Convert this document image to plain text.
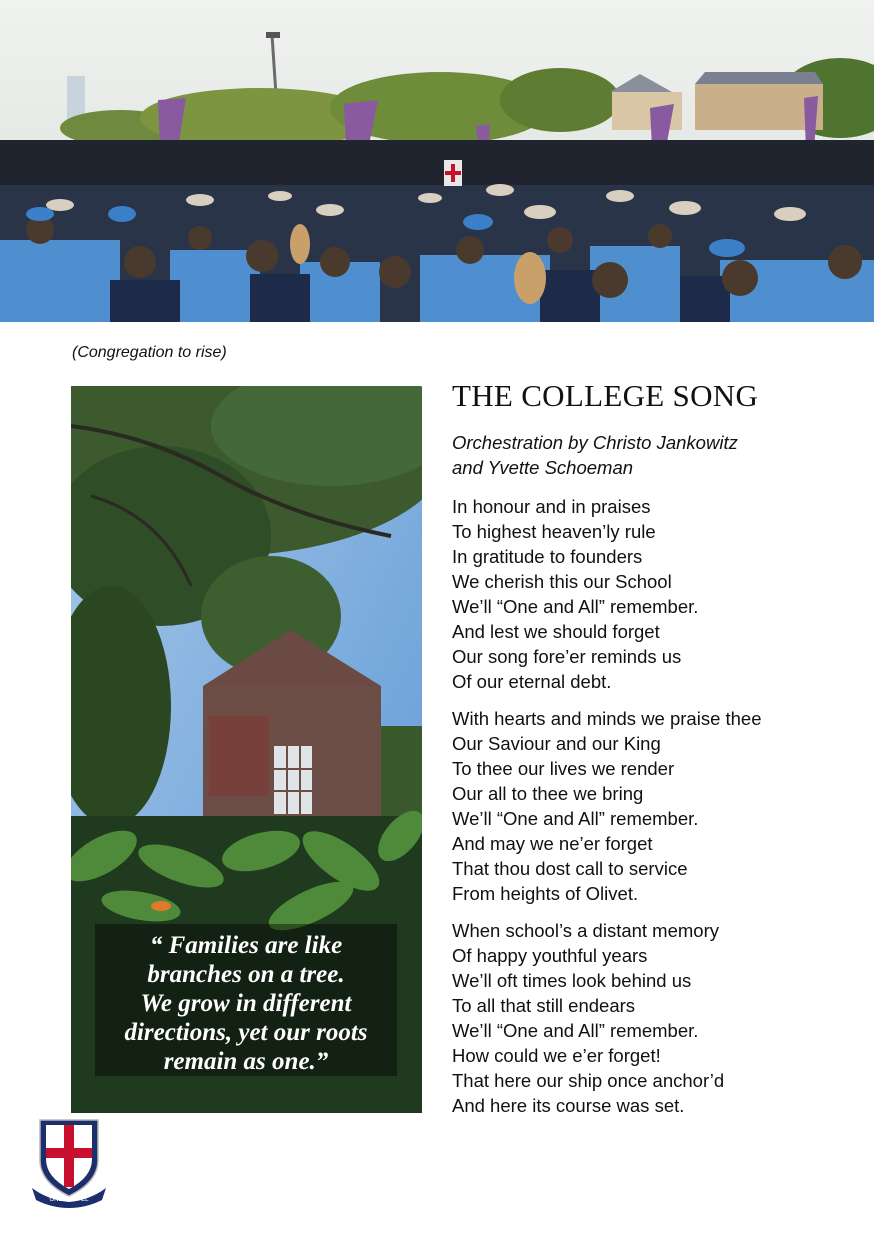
(Congregation to rise)

“ Families are like
branches on a tree.
We grow in different
directions, yet our roots
remain as one.”

THE COLLEGE SONG

Orchestration by Christo Jankowitz
and Yvette Schoeman

In honour and in praises
To highest heaven’ly rule
In gratitude to founders
We cherish this our School
We’ll “One and All” remember.
And lest we should forget
Our song fore’er reminds us
Of our eternal debt.

With hearts and minds we praise thee
Our Saviour and our King
To thee our lives we render
Our all to thee we bring
We’ll “One and All” remember.
And may we ne’er forget
That thou dost call to service
From heights of Olivet.

When school’s a distant memory
Of happy youthful years
We’ll oft times look behind us
To all that still endears
We’ll “One and All” remember.
How could we e’er forget!
That here our ship once anchor’d
And here its course was set.

ONE AND ALL
